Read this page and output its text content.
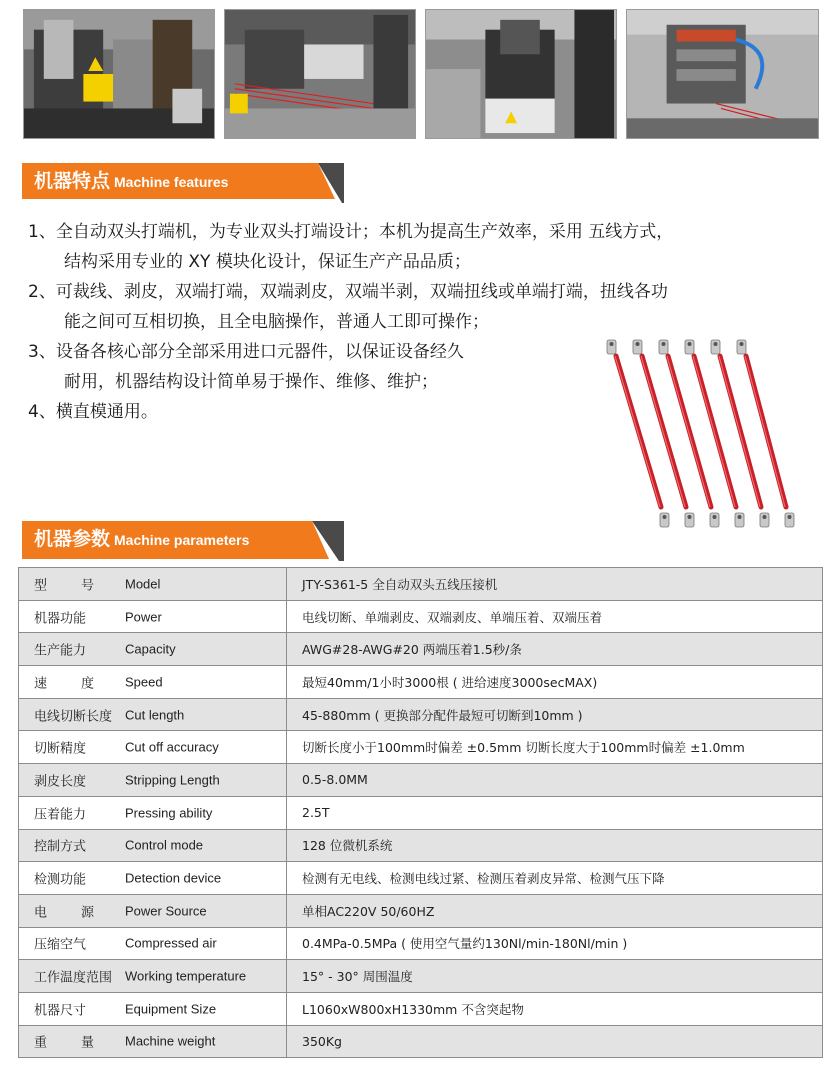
机器特点 Machine features
1、全自动双头打端机，为专业双头打端设计；本机为提高生产效率，采用 五线方式，
结构采用专业的 XY 模块化设计，保证生产产品品质；
2、可裁线、剥皮，双端打端，双端剥皮，双端半剥，双端扭线或单端打端，扭线各功
能之间可互相切换，且全电脑操作，普通人工即可操作；
3、设备各核心部分全部采用进口元器件，以保证设备经久
耐用，机器结构设计简单易于操作、维修、维护；
4、横直模通用。
机器参数 Machine parameters
型 号 Model	JTY-S361-5 全自动双头五线压接机

机器功能 Power	电线切断、单端剥皮、双端剥皮、单端压着、双端压着

生产能力 Capacity	AWG#28-AWG#20 两端压着1.5秒/条

速 度 Speed	最短40mm/1小时3000根 ( 进给速度3000secMAX)

电线切断长度 Cut length	45-880mm ( 更换部分配件最短可切断到10mm )

切断精度 Cut off accuracy	切断长度小于100mm时偏差 ±0.5mm 切断长度大于100mm时偏差 ±1.0mm

剥皮长度 Stripping Length	0.5-8.0MM

压着能力 Pressing ability	2.5T

控制方式 Control mode	128 位微机系统

检测功能 Detection device	检测有无电线、检测电线过紧、检测压着剥皮异常、检测气压下降

电 源 Power Source	单相AC220V 50/60HZ

压缩空气 Compressed air	0.4MPa-0.5MPa ( 使用空气量约130Nl/min-180Nl/min )

工作温度范围 Working temperature	15° - 30° 周围温度

机器尺寸 Equipment Size	L1060xW800xH1330mm 不含突起物

重 量 Machine weight	350Kg
